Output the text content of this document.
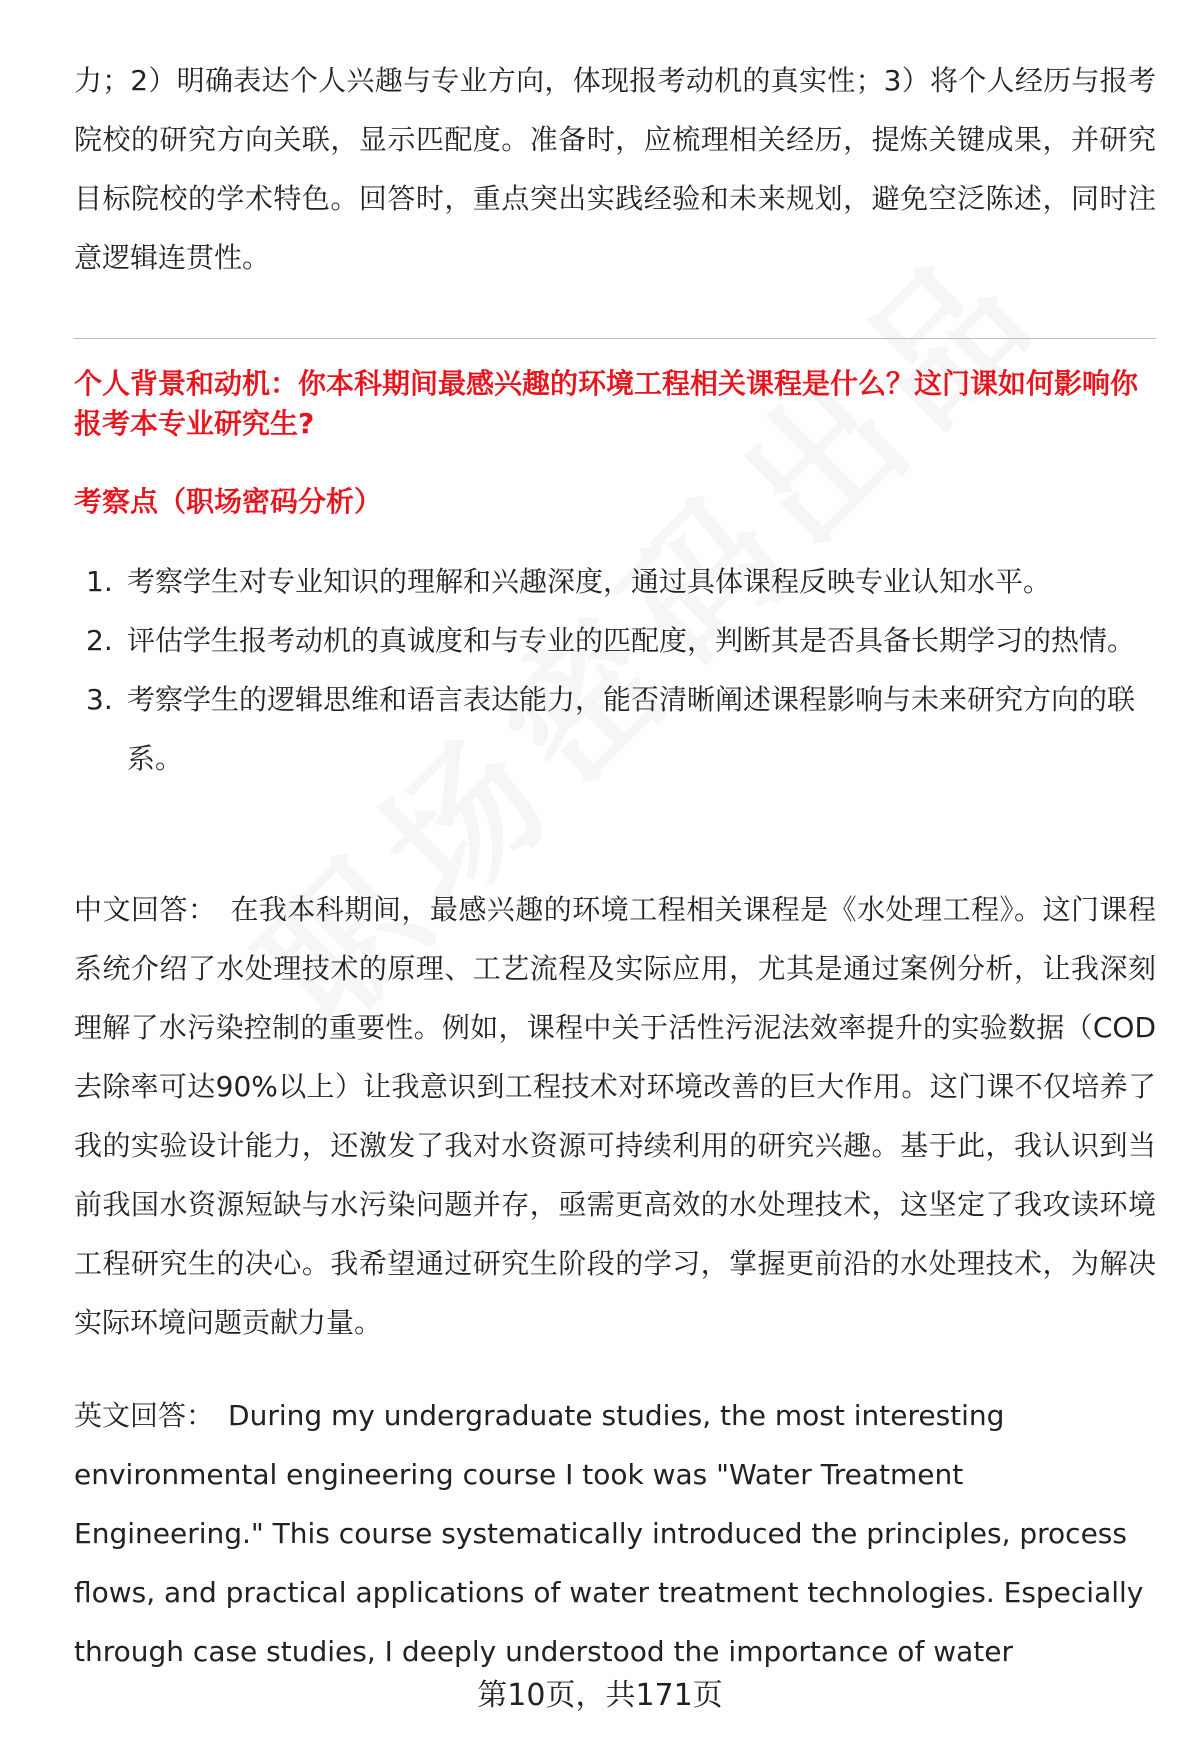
力；2）明确表达个人兴趣与专业方向，体现报考动机的真实性；3）将个人经历与报考院校的研究方向关联，显示匹配度。准备时，应梳理相关经历，提炼关键成果，并研究目标院校的学术特色。回答时，重点突出实践经验和未来规划，避免空泛陈述，同时注意逻辑连贯性。
个人背景和动机：你本科期间最感兴趣的环境工程相关课程是什么？这门课如何影响你报考本专业研究生?
考察点（职场密码分析）
1. 考察学生对专业知识的理解和兴趣深度，通过具体课程反映专业认知水平。
2. 评估学生报考动机的真诚度和与专业的匹配度，判断其是否具备长期学习的热情。
3. 考察学生的逻辑思维和语言表达能力，能否清晰阐述课程影响与未来研究方向的联系。
中文回答： 在我本科期间，最感兴趣的环境工程相关课程是《水处理工程》。这门课程系统介绍了水处理技术的原理、工艺流程及实际应用，尤其是通过案例分析，让我深刻理解了水污染控制的重要性。例如，课程中关于活性污泥法效率提升的实验数据（COD去除率可达90%以上）让我意识到工程技术对环境改善的巨大作用。这门课不仅培养了我的实验设计能力，还激发了我对水资源可持续利用的研究兴趣。基于此，我认识到当前我国水资源短缺与水污染问题并存，亟需更高效的水处理技术，这坚定了我攻读环境工程研究生的决心。我希望通过研究生阶段的学习，掌握更前沿的水处理技术，为解决实际环境问题贡献力量。
英文回答： During my undergraduate studies, the most interesting environmental engineering course I took was "Water Treatment Engineering." This course systematically introduced the principles, process flows, and practical applications of water treatment technologies. Especially through case studies, I deeply understood the importance of water
第10页，共171页
